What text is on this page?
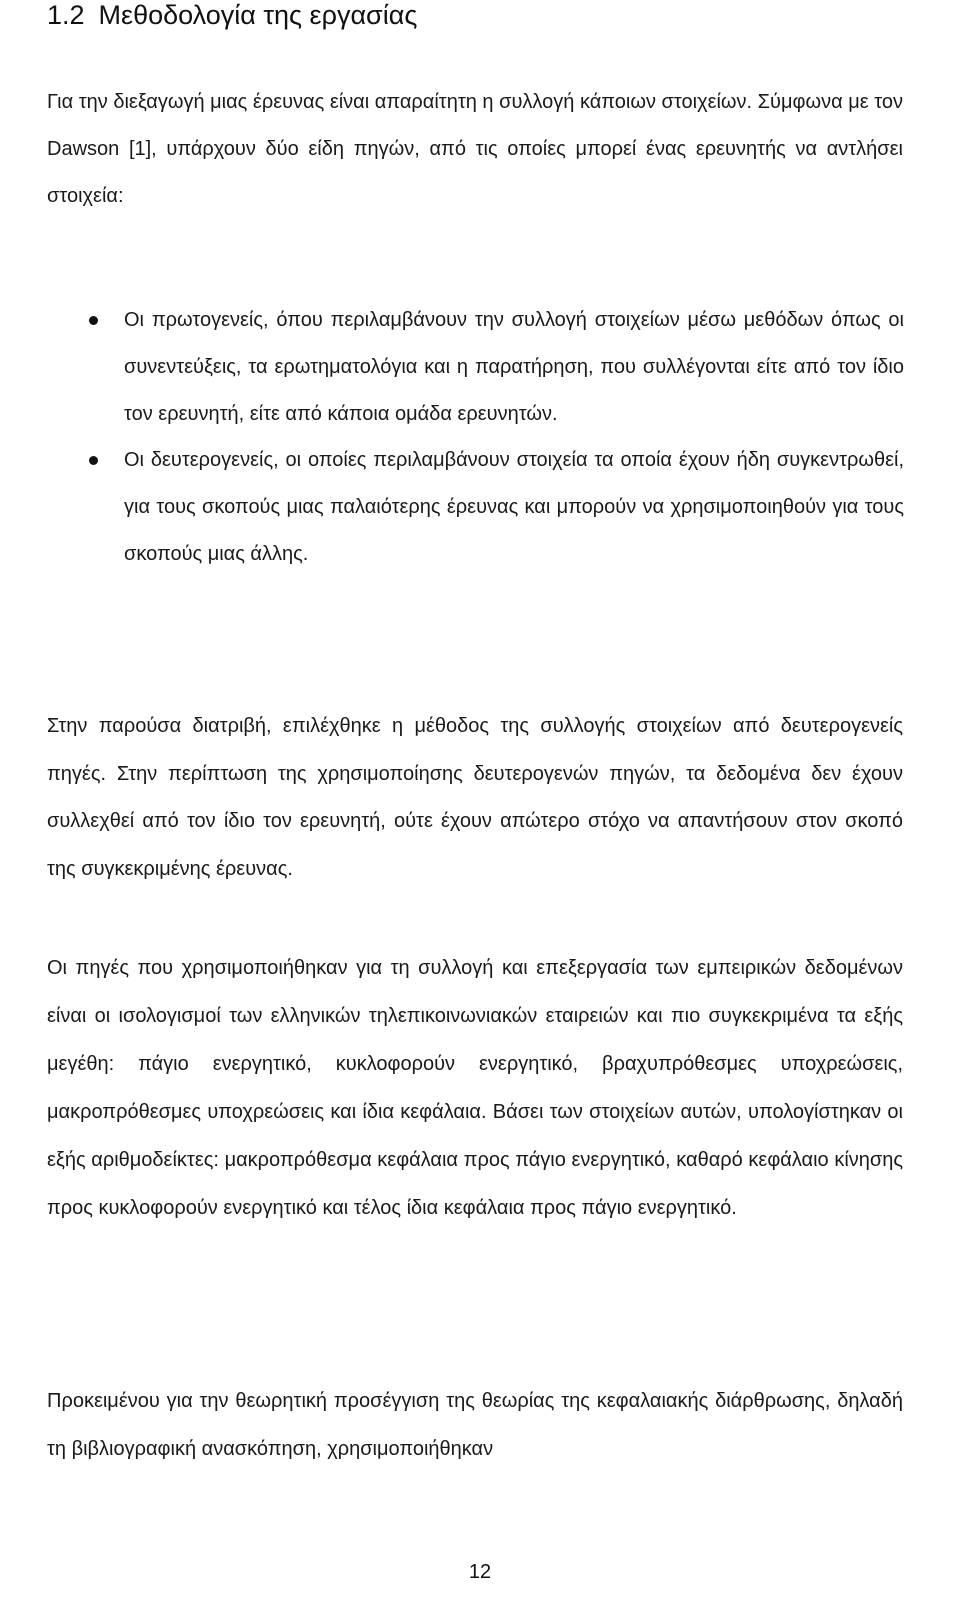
1.2 Μεθοδολογία της εργασίας

Για την διεξαγωγή μιας έρευνας είναι απαραίτητη η συλλογή κάποιων στοιχείων. Σύμφωνα με τον Dawson [1], υπάρχουν δύο είδη πηγών, από τις οποίες μπορεί ένας ερευνητής να αντλήσει στοιχεία:

Οι πρωτογενείς, όπου περιλαμβάνουν την συλλογή στοιχείων μέσω μεθόδων όπως οι συνεντεύξεις, τα ερωτηματολόγια και η παρατήρηση, που συλλέγονται είτε από τον ίδιο τον ερευνητή, είτε από κάποια ομάδα ερευνητών.
Οι δευτερογενείς, οι οποίες περιλαμβάνουν στοιχεία τα οποία έχουν ήδη συγκεντρωθεί, για τους σκοπούς μιας παλαιότερης έρευνας και μπορούν να χρησιμοποιηθούν για τους σκοπούς μιας άλλης.

Στην παρούσα διατριβή, επιλέχθηκε η μέθοδος της συλλογής στοιχείων από δευτερογενείς πηγές. Στην περίπτωση της χρησιμοποίησης δευτερογενών πηγών, τα δεδομένα δεν έχουν συλλεχθεί από τον ίδιο τον ερευνητή, ούτε έχουν απώτερο στόχο να απαντήσουν στον σκοπό της συγκεκριμένης έρευνας.

Οι πηγές που χρησιμοποιήθηκαν για τη συλλογή και επεξεργασία των εμπειρικών δεδομένων είναι οι ισολογισμοί των ελληνικών τηλεπικοινωνιακών εταιρειών και πιο συγκεκριμένα τα εξής μεγέθη: πάγιο ενεργητικό, κυκλοφορούν ενεργητικό, βραχυπρόθεσμες υποχρεώσεις, μακροπρόθεσμες υποχρεώσεις και ίδια κεφάλαια. Βάσει των στοιχείων αυτών, υπολογίστηκαν οι εξής αριθμοδείκτες: μακροπρόθεσμα κεφάλαια προς πάγιο ενεργητικό, καθαρό κεφάλαιο κίνησης προς κυκλοφορούν ενεργητικό και τέλος ίδια κεφάλαια προς πάγιο ενεργητικό.

Προκειμένου για την θεωρητική προσέγγιση της θεωρίας της κεφαλαιακής διάρθρωσης, δηλαδή τη βιβλιογραφική ανασκόπηση, χρησιμοποιήθηκαν

12
